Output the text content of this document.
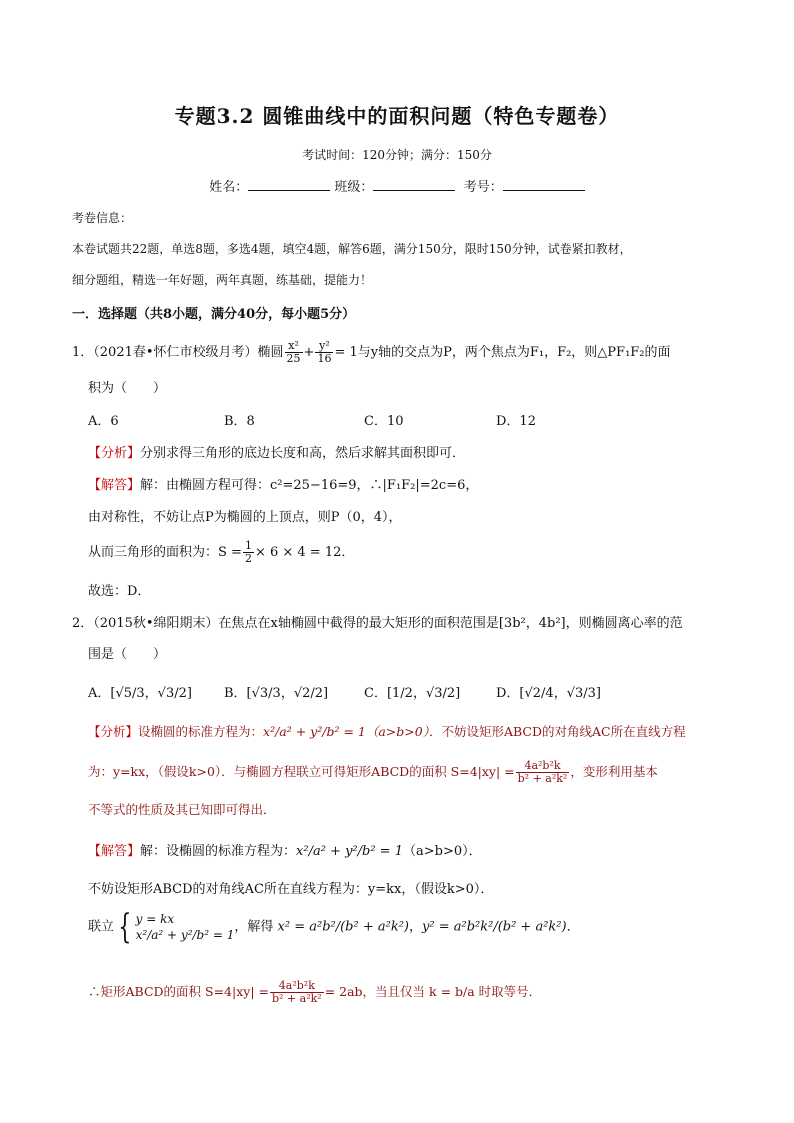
专题3.2 圆锥曲线中的面积问题（特色专题卷）
考试时间：120分钟；满分：150分
姓名：	班级：	考号：
考卷信息：
本卷试题共22题，单选8题，多选4题，填空4题，解答6题，满分150分，限时150分钟，试卷紧扣教材，
细分题组，精选一年好题，两年真题，练基础，提能力！
一．选择题（共8小题，满分40分，每小题5分）
1．（2021春•怀仁市校级月考）椭圆 $\frac{\text{x²}}{25} + \frac{\text{y²}}{16} = 1$与y轴的交点为P，两个焦点为F₁，F₂，则△PF₁F₂的面
积为（　　）
A．6	B．8	C．10	D．12
【分析】分别求得三角形的底边长度和高，然后求解其面积即可．
【解答】解：由椭圆方程可得：c²=25−16=9，∴|F₁F₂|=2c=6，
由对称性，不妨让点P为椭圆的上顶点，则P（0，4），
从而三角形的面积为：$S = \frac{1}{2} \times 6 \times 4 = 12$．
故选：D．
2．（2015秋•绵阳期末）在焦点在x轴椭圆中截得的最大矩形的面积范围是[3b²，4b²]，则椭圆离心率的范
围是（　　）
A．[√5/3，√3/2] B．[√3/3，√2/2]	C．[1/2，√3/2]	D．[√2/4，√3/3]
【分析】设椭圆的标准方程为：x²/a² + y²/b² = 1（a>b>0）．不妨设矩形ABCD的对角线AC所在直线方程
为：y=kx，（假设k>0）．与椭圆方程联立可得矩形ABCD的面积 $S=4|xy| = \frac{\text{4a²b²k}}{\text{b² + a²k²}}$ ，变形利用基本
不等式的性质及其已知即可得出．
【解答】解：设椭圆的标准方程为：x²/a² + y²/b² = 1（a>b>0）．
不妨设矩形ABCD的对角线AC所在直线方程为：y=kx，（假设k>0）．
联立 { y = kx
x²/a² + y²/b² = 1
，解得 x² = a²b²/(b² + a²k²)，y² = a²b²k²/(b² + a²k²)．
∴矩形ABCD的面积 $S=4|xy| = \frac{\text{4a²b²k}}{\text{b² + a²k²}} = 2ab$，当且仅当 k = b/a 时取等号．
